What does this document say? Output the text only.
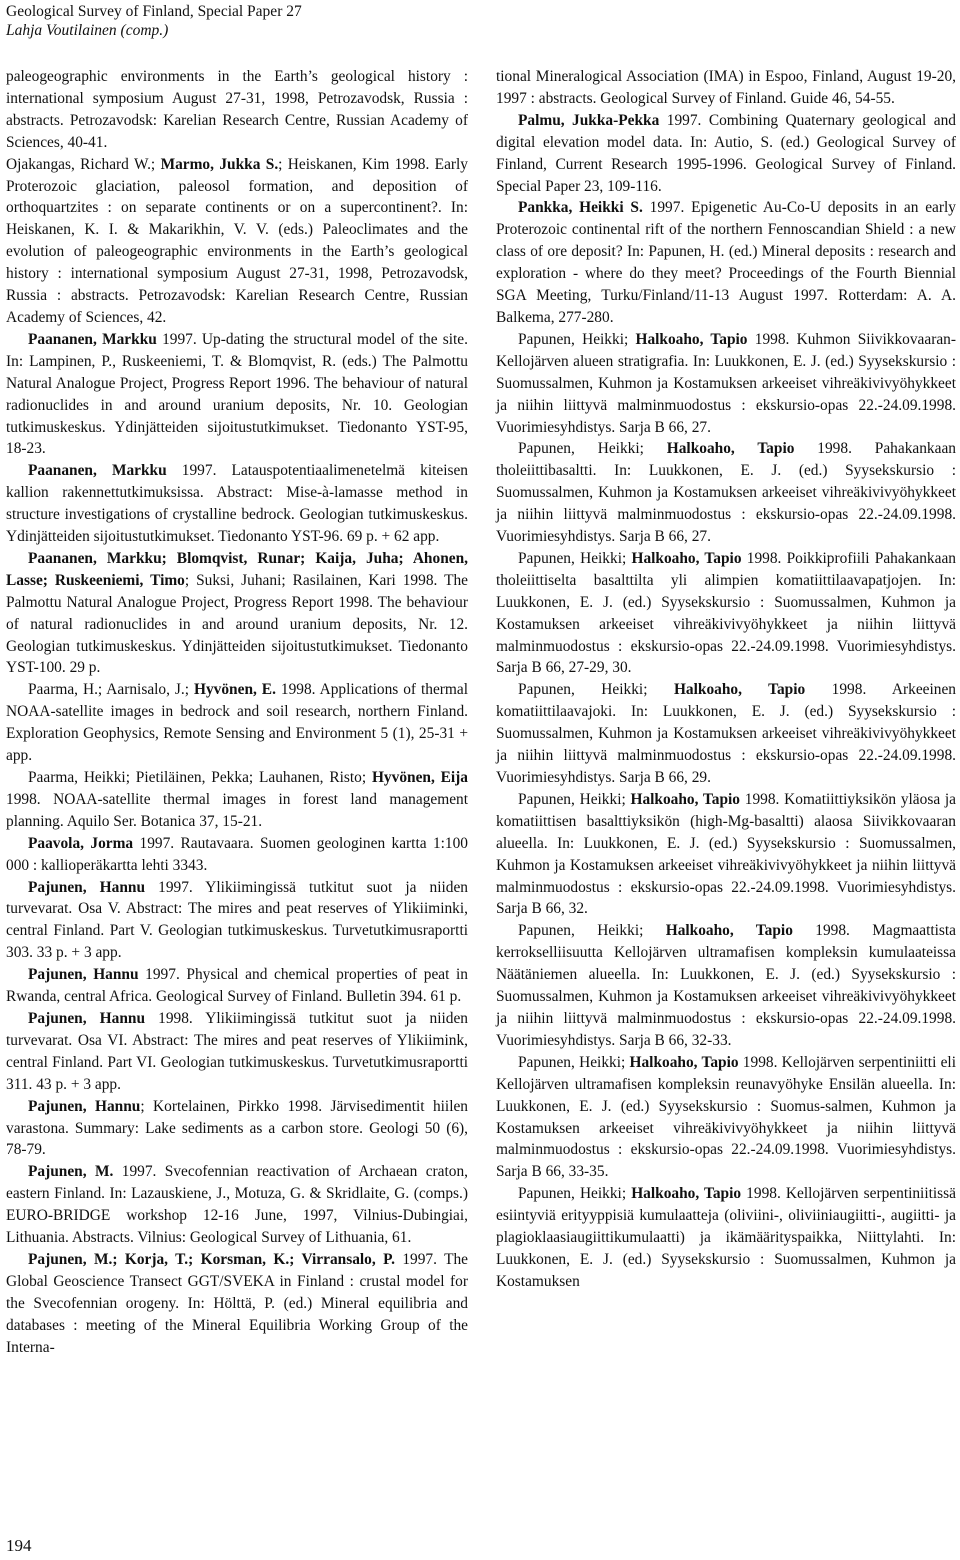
Geological Survey of Finland, Special Paper 27
Lahja Voutilainen (comp.)

paleogeographic environments in the Earth’s geological history : international symposium August 27-31, 1998, Petrozavodsk, Russia : abstracts. Petrozavodsk: Karelian Research Centre, Russian Academy of Sciences, 40-41.

Ojakangas, Richard W.; Marmo, Jukka S.; Heiskanen, Kim 1998. Early Proterozoic glaciation, paleosol formation, and deposition of orthoquartzites : on separate continents or on a supercontinent?. In: Heiskanen, K. I. & Makarikhin, V. V. (eds.) Paleoclimates and the evolution of paleogeographic environments in the Earth’s geological history : international symposium August 27-31, 1998, Petrozavodsk, Russia : abstracts. Petrozavodsk: Karelian Research Centre, Russian Academy of Sciences, 42.

Paananen, Markku 1997. Up-dating the structural model of the site. In: Lampinen, P., Ruskeeniemi, T. & Blomqvist, R. (eds.) The Palmottu Natural Analogue Project, Progress Report 1996. The behaviour of natural radionuclides in and around uranium deposits, Nr. 10. Geologian tutkimuskeskus. Ydinjätteiden sijoitustutkimukset. Tiedonanto YST-95, 18-23.

Paananen, Markku 1997. Latauspotentiaalimenetelmä kiteisen kallion rakennettutkimuksissa. Abstract: Mise-à-lamasse method in structure investigations of crystalline bedrock. Geologian tutkimuskeskus. Ydinjätteiden sijoitustutkimukset. Tiedonanto YST-96. 69 p. + 62 app.

Paananen, Markku; Blomqvist, Runar; Kaija, Juha; Ahonen, Lasse; Ruskeeniemi, Timo; Suksi, Juhani; Rasilainen, Kari 1998. The Palmottu Natural Analogue Project, Progress Report 1998. The behaviour of natural radionuclides in and around uranium deposits, Nr. 12. Geologian tutkimuskeskus. Ydinjätteiden sijoitustutkimukset. Tiedonanto YST-100. 29 p.

Paarma, H.; Aarnisalo, J.; Hyvönen, E. 1998. Applications of thermal NOAA-satellite images in bedrock and soil research, northern Finland. Exploration Geophysics, Remote Sensing and Environment 5 (1), 25-31 + app.

Paarma, Heikki; Pietiläinen, Pekka; Lauhanen, Risto; Hyvönen, Eija 1998. NOAA-satellite thermal images in forest land management planning. Aquilo Ser. Botanica 37, 15-21.

Paavola, Jorma 1997. Rautavaara. Suomen geologinen kartta 1:100 000 : kallioperäkartta lehti 3343.

Pajunen, Hannu 1997. Ylikiimingissä tutkitut suot ja niiden turvevarat. Osa V. Abstract: The mires and peat reserves of Ylikiiminki, central Finland. Part V. Geologian tutkimuskeskus. Turvetutkimusraportti 303. 33 p. + 3 app.

Pajunen, Hannu 1997. Physical and chemical properties of peat in Rwanda, central Africa. Geological Survey of Finland. Bulletin 394. 61 p.

Pajunen, Hannu 1998. Ylikiimingissä tutkitut suot ja niiden turvevarat. Osa VI. Abstract: The mires and peat reserves of Ylikiimink, central Finland. Part VI. Geologian tutkimuskeskus. Turvetutkimusraportti 311. 43 p. + 3 app.

Pajunen, Hannu; Kortelainen, Pirkko 1998. Järvisedimentit hiilen varastona. Summary: Lake sediments as a carbon store. Geologi 50 (6), 78-79.

Pajunen, M. 1997. Svecofennian reactivation of Archaean craton, eastern Finland. In: Lazauskiene, J., Motuza, G. & Skridlaite, G. (comps.) EURO-BRIDGE workshop 12-16 June, 1997, Vilnius-Dubingiai, Lithuania. Abstracts. Vilnius: Geological Survey of Lithuania, 61.

Pajunen, M.; Korja, T.; Korsman, K.; Virransalo, P. 1997. The Global Geoscience Transect GGT/SVEKA in Finland : crustal model for the Svecofennian orogeny. In: Hölttä, P. (ed.) Mineral equilibria and databases : meeting of the Mineral Equilibria Working Group of the Interna-

tional Mineralogical Association (IMA) in Espoo, Finland, August 19-20, 1997 : abstracts. Geological Survey of Finland. Guide 46, 54-55.

Palmu, Jukka-Pekka 1997. Combining Quaternary geological and digital elevation model data. In: Autio, S. (ed.) Geological Survey of Finland, Current Research 1995-1996. Geological Survey of Finland. Special Paper 23, 109-116.

Pankka, Heikki S. 1997. Epigenetic Au-Co-U deposits in an early Proterozoic continental rift of the northern Fennoscandian Shield : a new class of ore deposit? In: Papunen, H. (ed.) Mineral deposits : research and exploration - where do they meet? Proceedings of the Fourth Biennial SGA Meeting, Turku/Finland/11-13 August 1997. Rotterdam: A. A. Balkema, 277-280.

Papunen, Heikki; Halkoaho, Tapio 1998. Kuhmon Siivikkovaaran-Kellojärven alueen stratigrafia. In: Luukkonen, E. J. (ed.) Syysekskursio : Suomussalmen, Kuhmon ja Kostamuksen arkeeiset vihreäkivivyöhykkeet ja niihin liittyvä malminmuodostus : ekskursio-opas 22.-24.09.1998. Vuorimiesyhdistys. Sarja B 66, 27.

Papunen, Heikki; Halkoaho, Tapio 1998. Pahakankaan tholeiittibasaltti. In: Luukkonen, E. J. (ed.) Syysekskursio : Suomussalmen, Kuhmon ja Kostamuksen arkeeiset vihreäkivivyöhykkeet ja niihin liittyvä malminmuodostus : ekskursio-opas 22.-24.09.1998. Vuorimiesyhdistys. Sarja B 66, 27.

Papunen, Heikki; Halkoaho, Tapio 1998. Poikkiprofiili Pahakankaan tholeiittiselta basalttilta yli alimpien komatiittilaavapatjojen. In: Luukkonen, E. J. (ed.) Syysekskursio : Suomussalmen, Kuhmon ja Kostamuksen arkeeiset vihreäkivivyöhykkeet ja niihin liittyvä malminmuodostus : ekskursio-opas 22.-24.09.1998. Vuorimiesyhdistys. Sarja B 66, 27-29, 30.

Papunen, Heikki; Halkoaho, Tapio 1998. Arkeeinen komatiittilaavajoki. In: Luukkonen, E. J. (ed.) Syysekskursio : Suomussalmen, Kuhmon ja Kostamuksen arkeeiset vihreäkivivyöhykkeet ja niihin liittyvä malminmuodostus : ekskursio-opas 22.-24.09.1998. Vuorimiesyhdistys. Sarja B 66, 29.

Papunen, Heikki; Halkoaho, Tapio 1998. Komatiittiyksikön yläosa ja komatiittisen basalttiyksikön (high-Mg-basaltti) alaosa Siivikkovaaran alueella. In: Luukkonen, E. J. (ed.) Syysekskursio : Suomussalmen, Kuhmon ja Kostamuksen arkeeiset vihreäkivivyöhykkeet ja niihin liittyvä malminmuodostus : ekskursio-opas 22.-24.09.1998. Vuorimiesyhdistys. Sarja B 66, 32.

Papunen, Heikki; Halkoaho, Tapio 1998. Magmaattista kerrokselliisuutta Kellojärven ultramafisen kompleksin kumulaateissa Näätäniemen alueella. In: Luukkonen, E. J. (ed.) Syysekskursio : Suomussalmen, Kuhmon ja Kostamuksen arkeeiset vihreäkivivyöhykkeet ja niihin liittyvä malminmuodostus : ekskursio-opas 22.-24.09.1998. Vuorimiesyhdistys. Sarja B 66, 32-33.

Papunen, Heikki; Halkoaho, Tapio 1998. Kellojärven serpentiniitti eli Kellojärven ultramafisen kompleksin reunavyöhyke Ensilän alueella. In: Luukkonen, E. J. (ed.) Syysekskursio : Suomus-salmen, Kuhmon ja Kostamuksen arkeeiset vihreäkivivyöhykkeet ja niihin liittyvä malminmuodostus : ekskursio-opas 22.-24.09.1998. Vuorimiesyhdistys. Sarja B 66, 33-35.

Papunen, Heikki; Halkoaho, Tapio 1998. Kellojärven serpentiniitissä esiintyviä erityyppisiä kumulaatteja (oliviini-, oliviiniaugiitti-, augiitti- ja plagioklaasiaugiittikumulaatti) ja ikämäärityspaikka, Niittylahti. In: Luukkonen, E. J. (ed.) Syysekskursio : Suomussalmen, Kuhmon ja Kostamuksen

194
